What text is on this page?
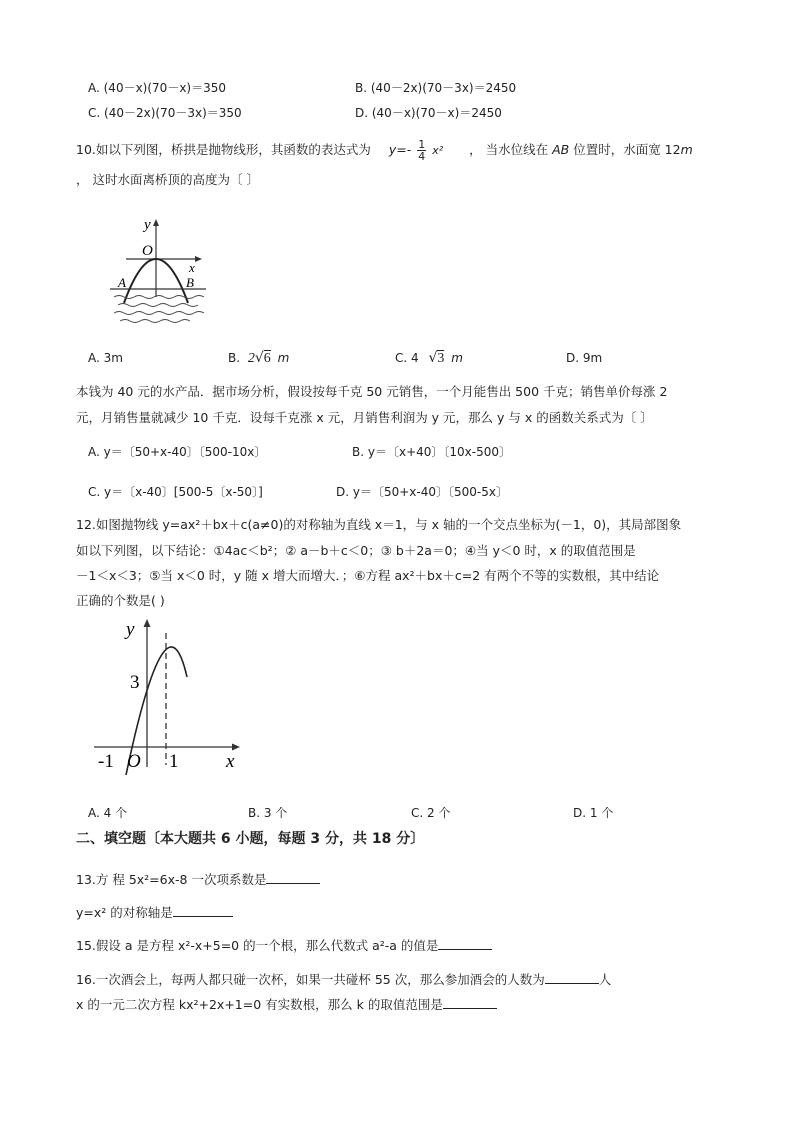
A. (40－x)(70－x)＝350	B. (40－2x)(70－3x)＝2450
C. (40－2x)(70－3x)＝350	D. (40－x)(70－x)＝2450
10.如以下列图，桥拱是抛物线形，其函数的表达式为 $y=- \frac{1}{4} x^2$ ， 当水位线在 AB 位置时，水面宽 12m
， 这时水面离桥顶的高度为〔 〕
y
O
x
A	B
A. 3m	B. 2√6 m	C. 4 √3 m	D. 9m
本钱为 40 元的水产品．据市场分析，假设按每千克 50 元销售，一个月能售出 500 千克；销售单价每涨 2
元，月销售量就减少 10 千克．设每千克涨 x 元，月销售利润为 y 元，那么 y 与 x 的函数关系式为〔 〕
A. y＝〔50+x-40〕〔500-10x〕	B. y＝〔x+40〕〔10x-500〕
C. y＝〔x-40〕[500-5〔x-50〕]	D. y＝〔50+x-40〕〔500-5x〕
12.如图抛物线 y=ax²＋bx＋c(a≠0)的对称轴为直线 x＝1，与 x 轴的一个交点坐标为(－1，0)，其局部图象
如以下列图，以下结论：①4ac＜b²；② a－b＋c＜0；③ b＋2a＝0；④当 y＜0 时，x 的取值范围是
－1＜x＜3；⑤当 x＜0 时，y 随 x 增大而增大．；⑥方程 ax²＋bx＋c=2 有两个不等的实数根，其中结论
正确的个数是( )
y
3
-1 O 1	x
A. 4 个	B. 3 个	C. 2 个	D. 1 个
二、填空题〔本大题共 6 小题，每题 3 分，共 18 分〕
13.方 程 5x²=6x-8 一次项系数是
y=x² 的对称轴是
15.假设 a 是方程 x²-x+5=0 的一个根，那么代数式 a²-a 的值是
16.一次酒会上，每两人都只碰一次杯，如果一共碰杯 55 次，那么参加酒会的人数为	人
x 的一元二次方程 kx²+2x+1=0 有实数根，那么 k 的取值范围是
